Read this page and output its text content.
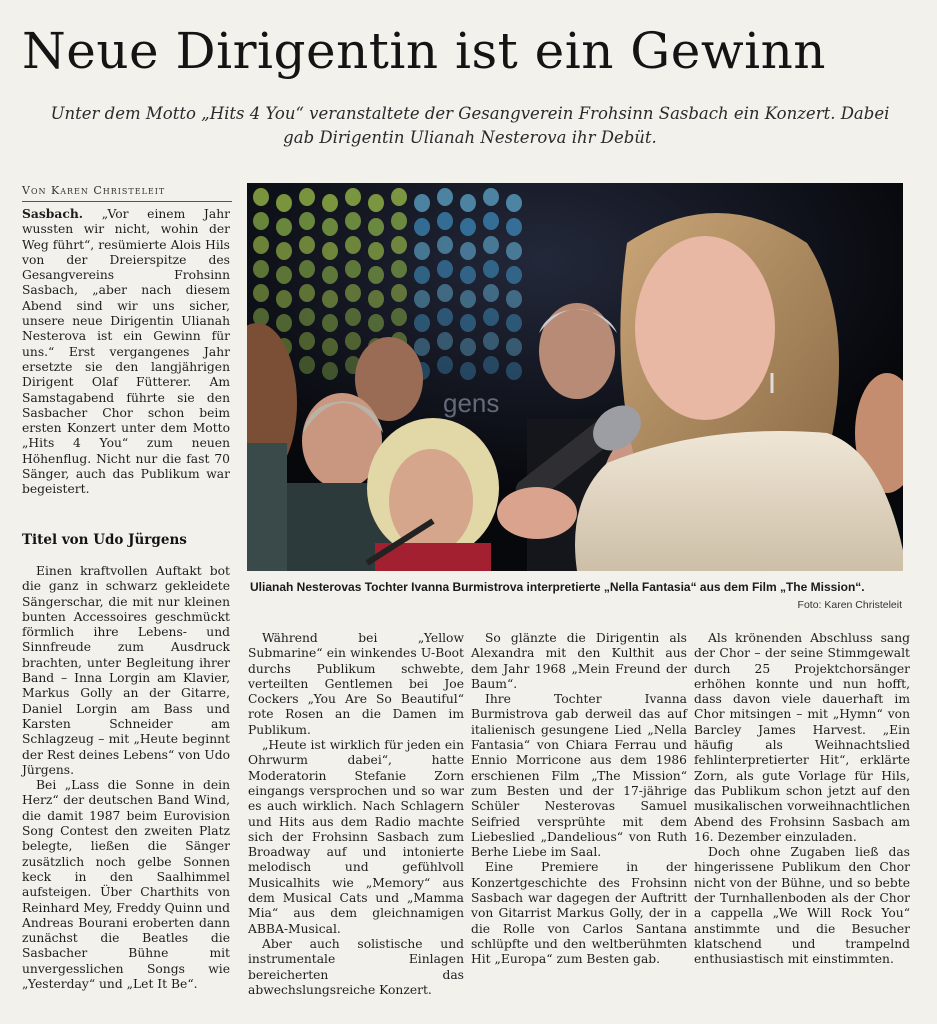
Neue Dirigentin ist ein Gewinn
Unter dem Motto „Hits 4 You“ veranstaltete der Gesangverein Frohsinn Sasbach ein Konzert. Dabei
gab Dirigentin Ulianah Nesterova ihr Debüt.
Von Karen Christeleit

Sasbach. „Vor einem Jahr wussten wir nicht, wohin der Weg führt“, resümierte Alois Hils von der Dreierspitze des Gesangvereins Frohsinn Sasbach, „aber nach diesem Abend sind wir uns sicher, unsere neue Dirigentin Ulianah Nesterova ist ein Gewinn für uns.“ Erst vergangenes Jahr ersetzte sie den langjährigen Dirigent Olaf Fütterer. Am Samstagabend führte sie den Sasbacher Chor schon beim ersten Konzert unter dem Motto „Hits 4 You“ zum neuen Höhenflug. Nicht nur die fast 70 Sänger, auch das Publikum war begeistert.

Titel von Udo Jürgens

Einen kraftvollen Auftakt bot die ganz in schwarz gekleidete Sängerschar, die mit nur kleinen bunten Accessoires geschmückt förmlich ihre Lebens- und Sinnfreude zum Ausdruck brachten, unter Begleitung ihrer Band – Inna Lorgin am Klavier, Markus Golly an der Gitarre, Daniel Lorgin am Bass und Karsten Schneider am Schlagzeug – mit „Heute beginnt der Rest deines Lebens“ von Udo Jürgens.

Bei „Lass die Sonne in dein Herz“ der deutschen Band Wind, die damit 1987 beim Eurovision Song Contest den zweiten Platz belegte, ließen die Sänger zusätzlich noch gelbe Sonnen keck in den Saalhimmel aufsteigen. Über Charthits von Reinhard Mey, Freddy Quinn und Andreas Bourani eroberten dann zunächst die Beatles die Sasbacher Bühne mit unvergesslichen Songs wie „Yesterday“ und „Let It Be“.

gens
Ulianah Nesterovas Tochter Ivanna Burmistrova interpretierte „Nella Fantasia“ aus dem Film „The Mission“.
Foto: Karen Christeleit

Während bei „Yellow Submarine“ ein winkendes U-Boot durchs Publikum schwebte, verteilten Gentlemen bei Joe Cockers „You Are So Beautiful“ rote Rosen an die Damen im Publikum.

„Heute ist wirklich für jeden ein Ohrwurm dabei“, hatte Moderatorin Stefanie Zorn eingangs versprochen und so war es auch wirklich. Nach Schlagern und Hits aus dem Radio machte sich der Frohsinn Sasbach zum Broadway auf und intonierte melodisch und gefühlvoll Musicalhits wie „Memory“ aus dem Musical Cats und „Mamma Mia“ aus dem gleichnamigen ABBA-Musical.

Aber auch solistische und instrumentale Einlagen bereicherten das abwechslungsreiche Konzert.

So glänzte die Dirigentin als Alexandra mit den Kulthit aus dem Jahr 1968 „Mein Freund der Baum“.

Ihre Tochter Ivanna Burmistrova gab derweil das auf italienisch gesungene Lied „Nella Fantasia“ von Chiara Ferrau und Ennio Morricone aus dem 1986 erschienen Film „The Mission“ zum Besten und der 17-jährige Schüler Nesterovas Samuel Seifried versprühte mit dem Liebeslied „Dandelious“ von Ruth Berhe Liebe im Saal.

Eine Premiere in der Konzertgeschichte des Frohsinn Sasbach war dagegen der Auftritt von Gitarrist Markus Golly, der in die Rolle von Carlos Santana schlüpfte und den weltberühmten Hit „Europa“ zum Besten gab.

Als krönenden Abschluss sang der Chor – der seine Stimmgewalt durch 25 Projektchorsänger erhöhen konnte und nun hofft, dass davon viele dauerhaft im Chor mitsingen – mit „Hymn“ von Barcley James Harvest. „Ein häufig als Weihnachtslied fehlinterpretierter Hit“, erklärte Zorn, als gute Vorlage für Hils, das Publikum schon jetzt auf den musikalischen vorweihnachtlichen Abend des Frohsinn Sasbach am 16. Dezember einzuladen.

Doch ohne Zugaben ließ das hingerissene Publikum den Chor nicht von der Bühne, und so bebte der Turnhallenboden als der Chor a cappella „We Will Rock You“ anstimmte und die Besucher klatschend und trampelnd enthusiastisch mit einstimmten.
